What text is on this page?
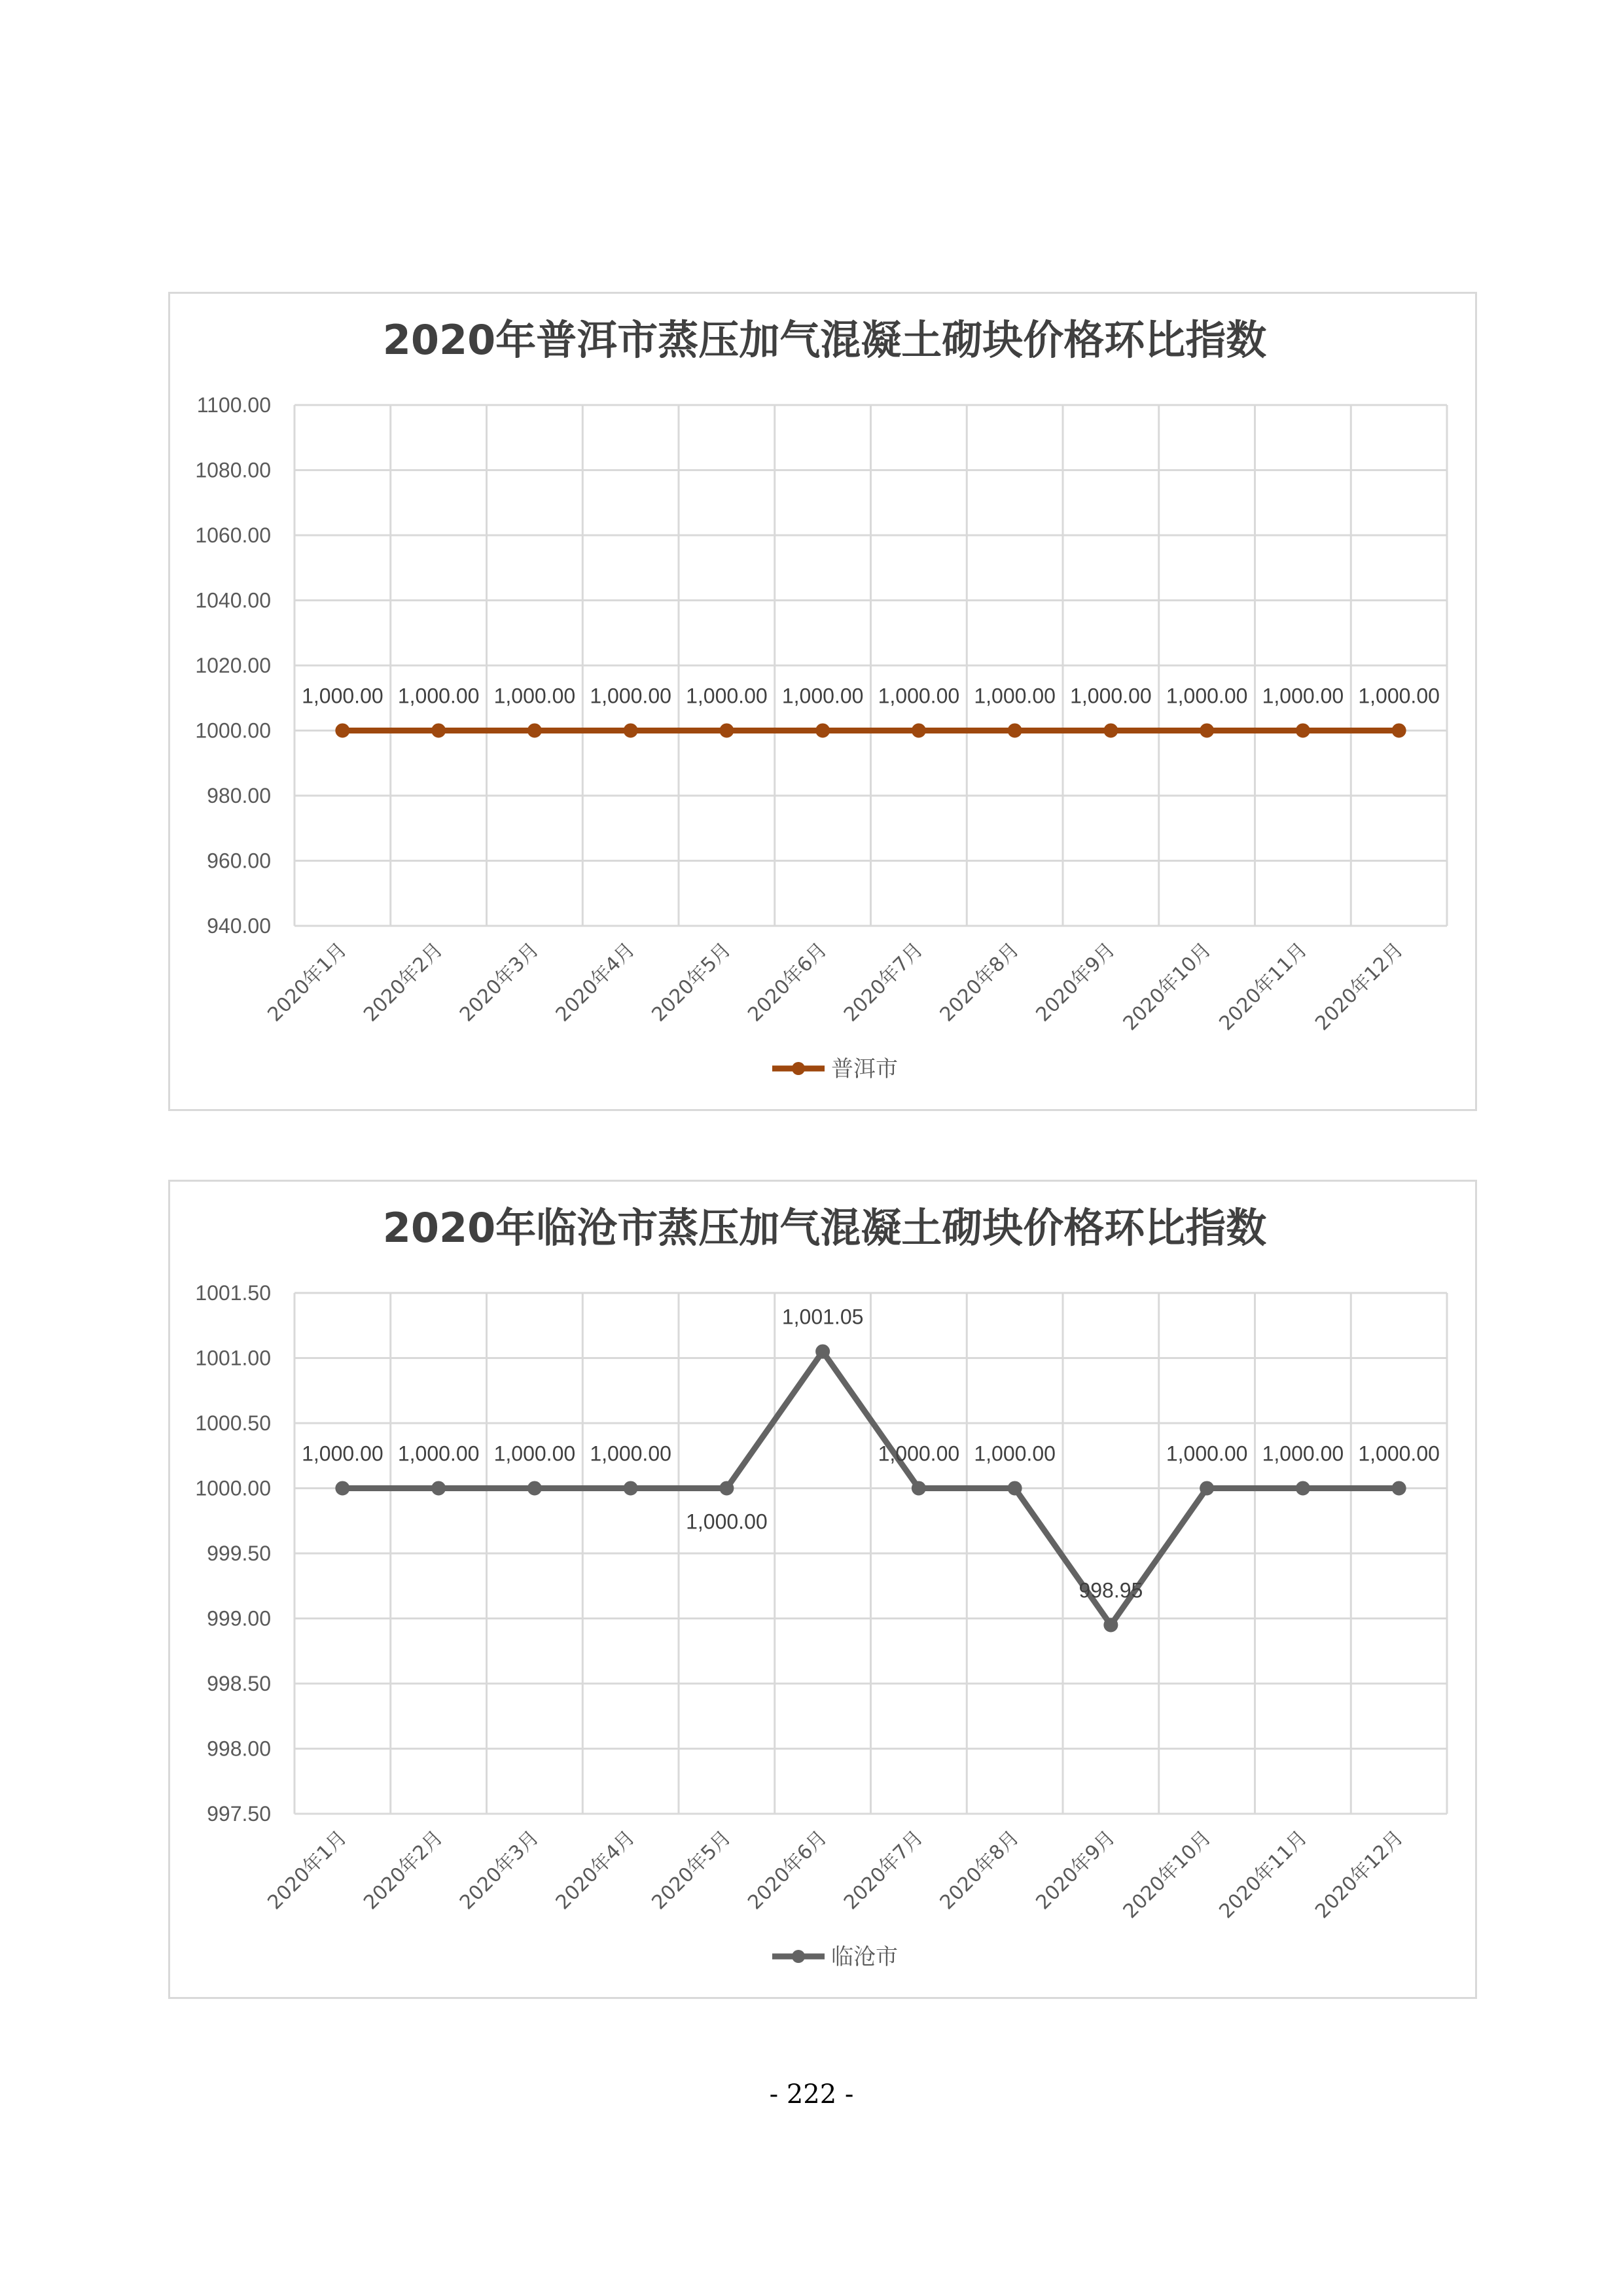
2020年普洱市蒸压加气混凝土砌块价格环比指数
940.00
960.00
980.00
1000.00
1020.00
1040.00
1060.00
1080.00
1100.00
2020年1月 2020年2月 2020年3月 2020年4月 2020年5月 2020年6月 2020年7月 2020年8月 2020年9月
2020年10月
2020年11月
2020年12月
1,000.00 1,000.00 1,000.00 1,000.00 1,000.00 1,000.00 1,000.00 1,000.00 1,000.00 1,000.00 1,000.00 1,000.00
普洱市
2020年临沧市蒸压加气混凝土砌块价格环比指数
997.50
998.00
998.50
999.00
999.50
1000.00
1000.50
1001.00
1001.50
2020年1月 2020年2月 2020年3月 2020年4月 2020年5月 2020年6月 2020年7月 2020年8月 2020年9月
2020年10月
2020年11月
2020年12月
1,000.00 1,000.00 1,000.00 1,000.00
1,000.00
1,001.05
1,000.00 1,000.00
998.95
1,000.00 1,000.00 1,000.00
临沧市
- 222 -
